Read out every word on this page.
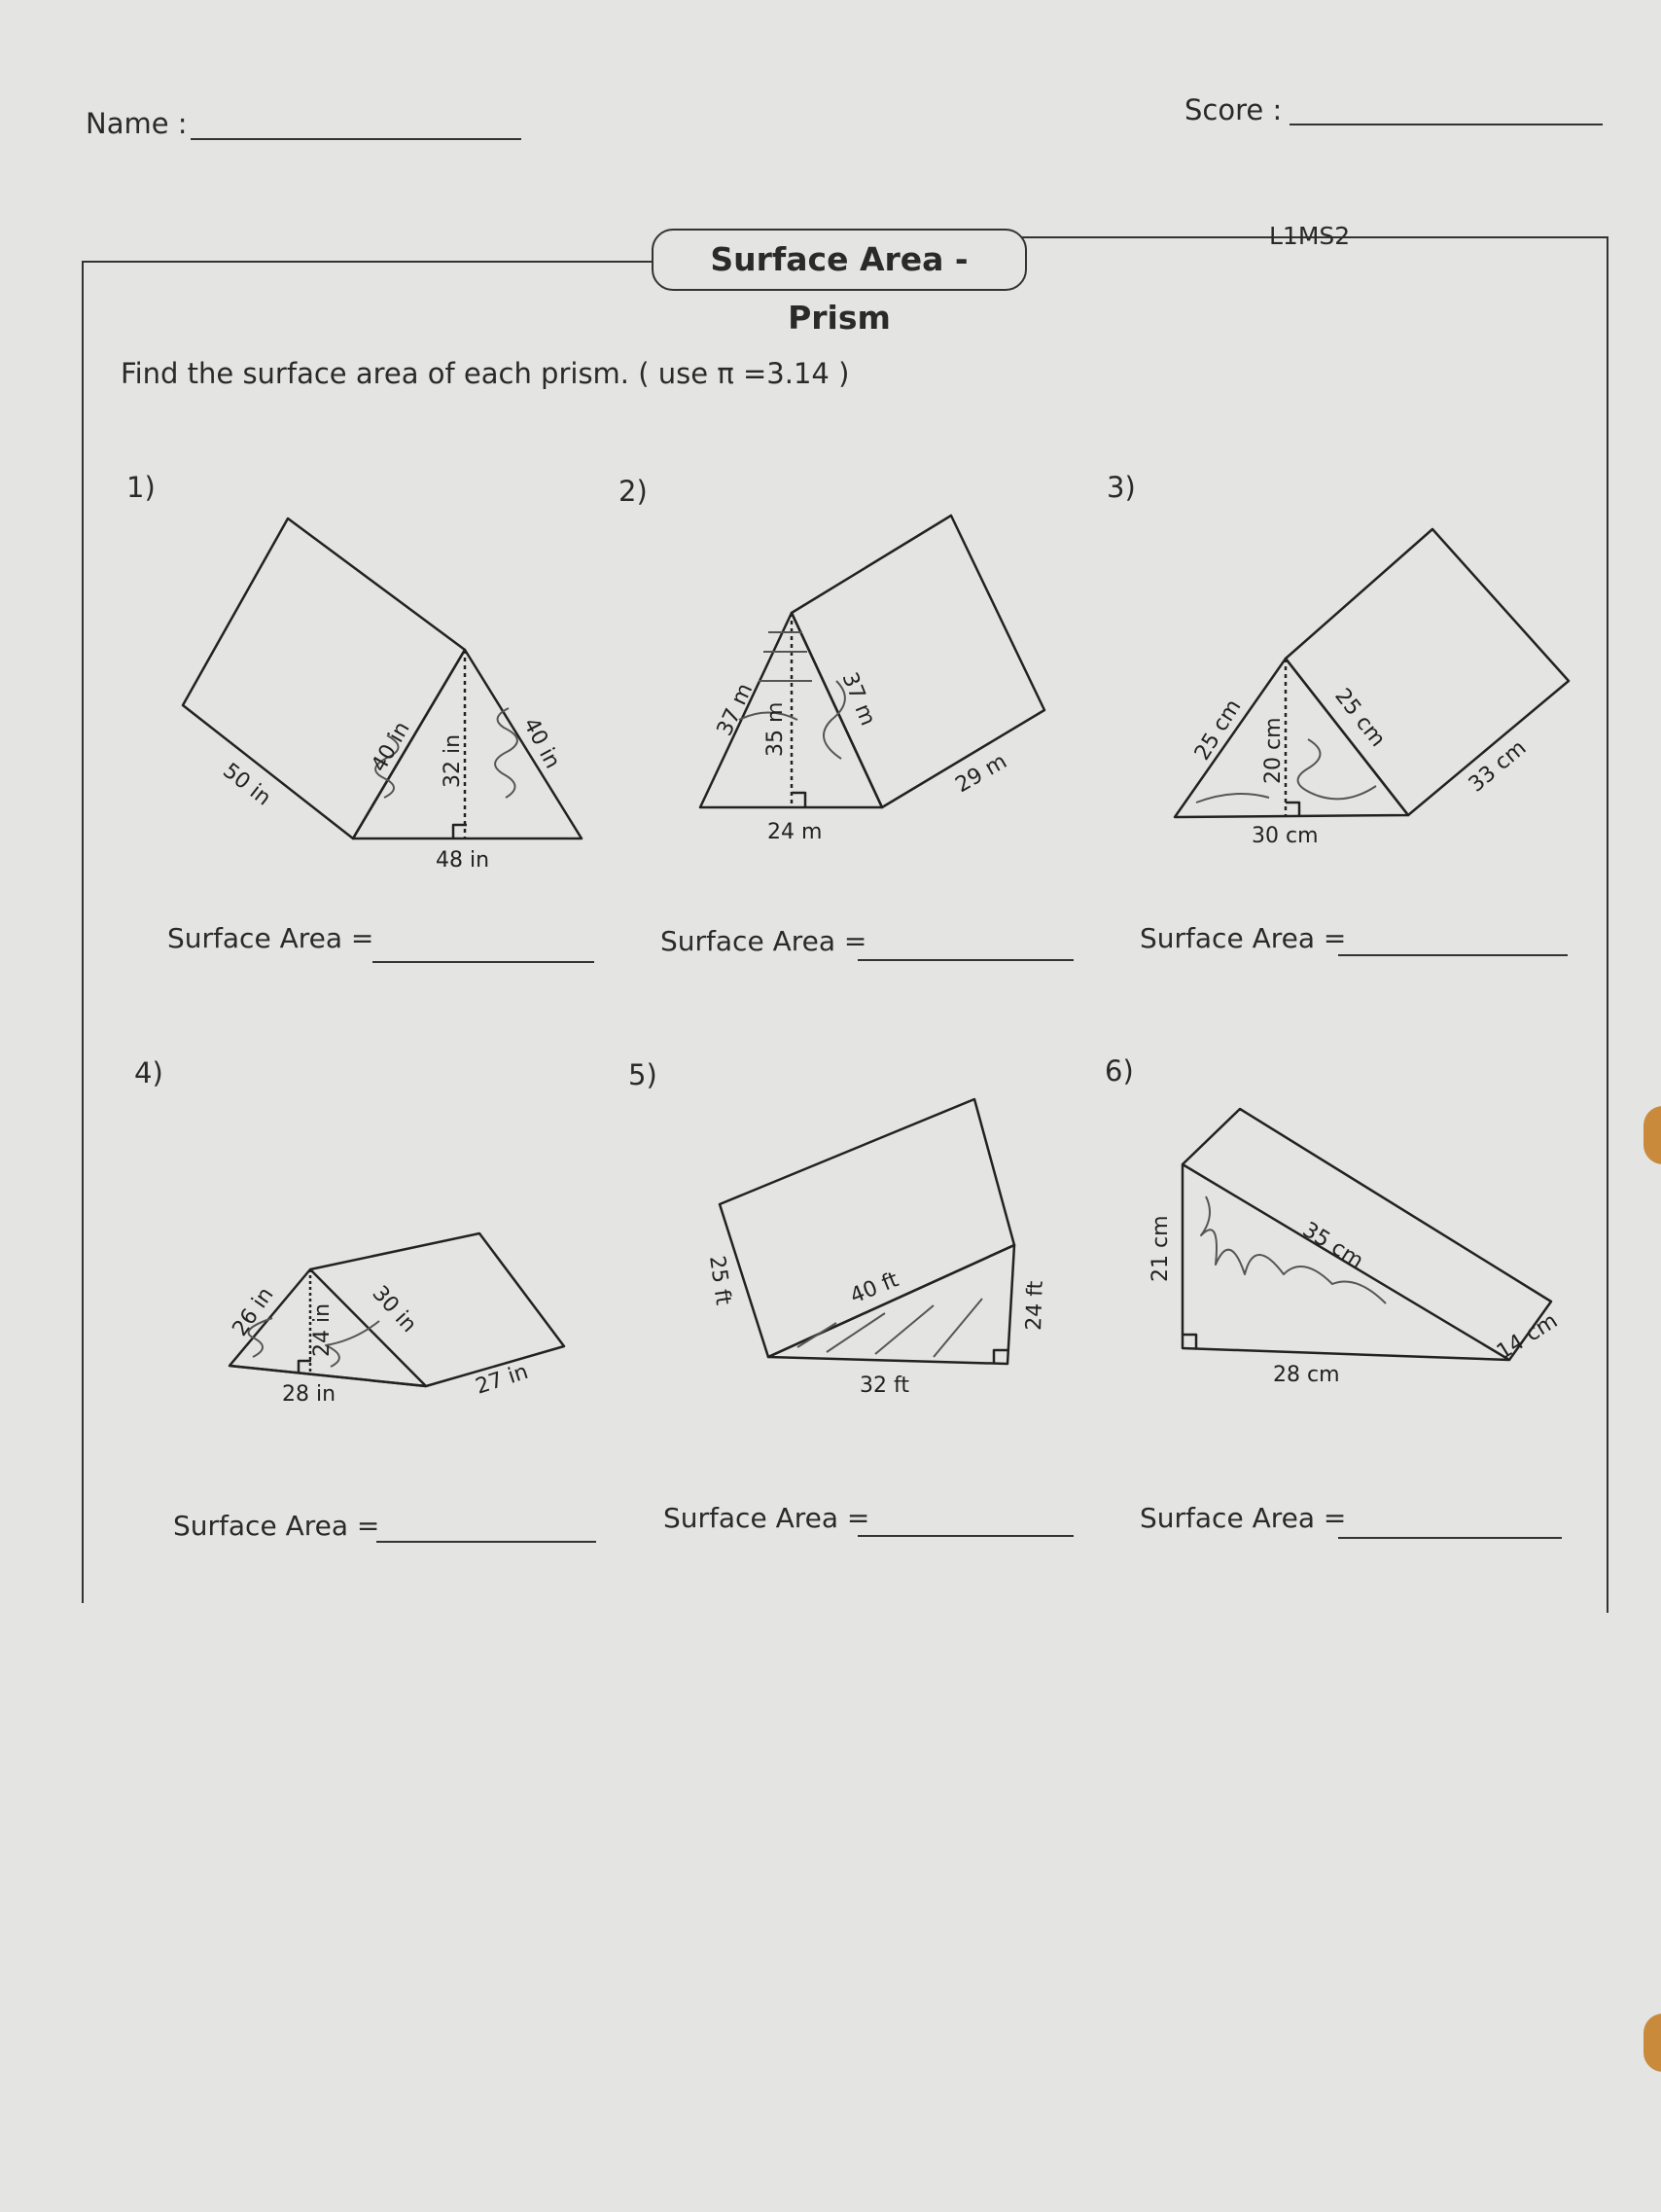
Name :	Score :
Surface Area - Prism
L1MS2
Find the surface area of each prism. ( use π =3.14 )
1)	2)	3)
4)	5)	6)
50 in
40 in 32 in 40 in
48 in
37 m 35 m
37 m
24 m
29 m
25 cm 20 cm 25 cm
30 cm
33 cm
26 in 24 in 30 in
28 in	27 in
25 ft	40 ft
32 ft
24 ft
21 cm	35 cm
28 cm
14 cm
Surface Area =	Surface Area =	Surface Area =
Surface Area =	Surface Area =	Surface Area =
